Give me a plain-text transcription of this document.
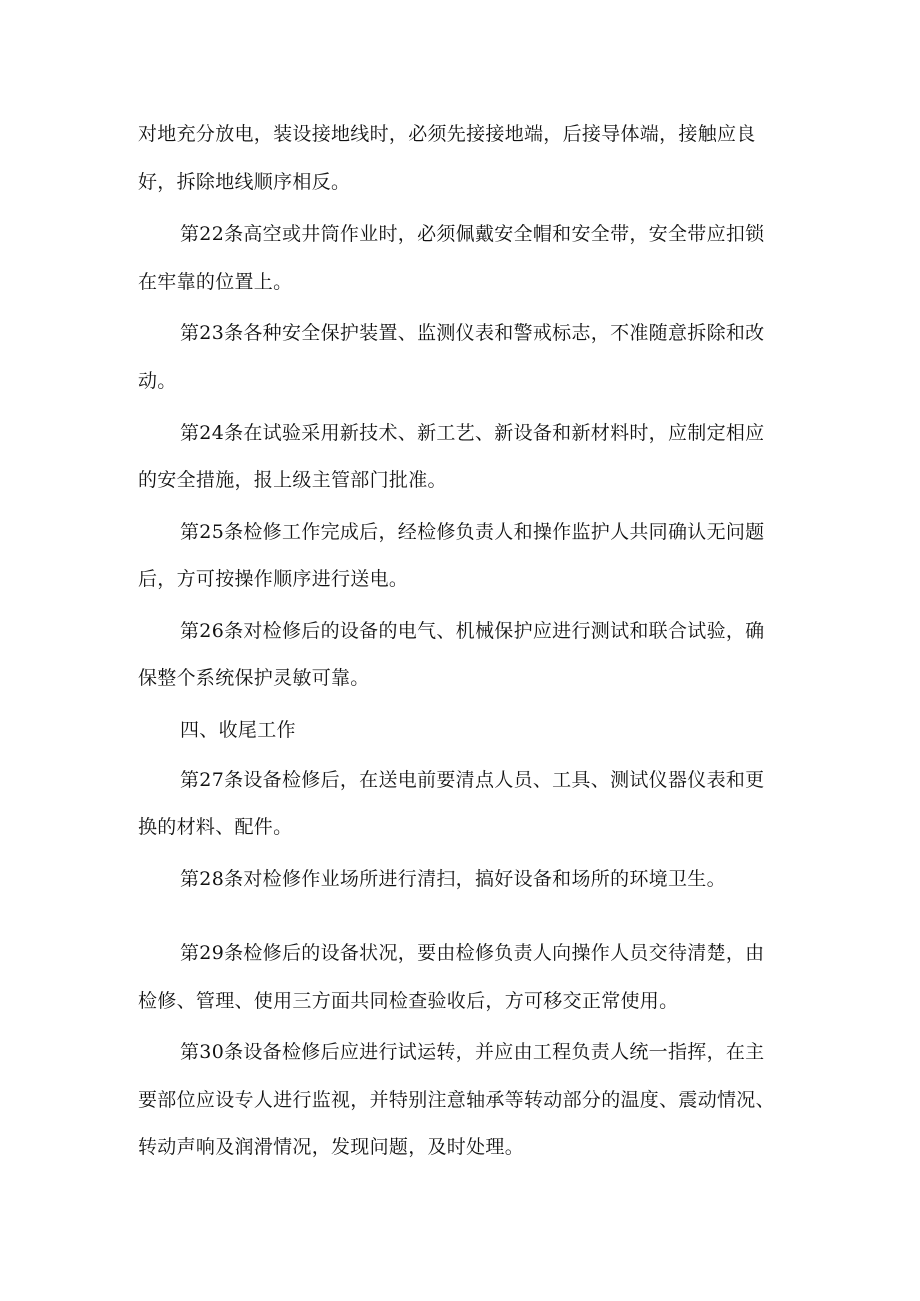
对地充分放电，装设接地线时，必须先接接地端，后接导体端，接触应良
好，拆除地线顺序相反。
第22条高空或井筒作业时，必须佩戴安全帽和安全带，安全带应扣锁
在牢靠的位置上。
第23条各种安全保护装置、监测仪表和警戒标志，不准随意拆除和改
动。
第24条在试验采用新技术、新工艺、新设备和新材料时，应制定相应
的安全措施，报上级主管部门批准。
第25条检修工作完成后，经检修负责人和操作监护人共同确认无问题
后，方可按操作顺序进行送电。
第26条对检修后的设备的电气、机械保护应进行测试和联合试验，确
保整个系统保护灵敏可靠。
四、收尾工作
第27条设备检修后，在送电前要清点人员、工具、测试仪器仪表和更
换的材料、配件。
第28条对检修作业场所进行清扫，搞好设备和场所的环境卫生。
第29条检修后的设备状况，要由检修负责人向操作人员交待清楚，由
检修、管理、使用三方面共同检查验收后，方可移交正常使用。
第30条设备检修后应进行试运转，并应由工程负责人统一指挥，在主
要部位应设专人进行监视，并特别注意轴承等转动部分的温度、震动情况、
转动声响及润滑情况，发现问题，及时处理。
